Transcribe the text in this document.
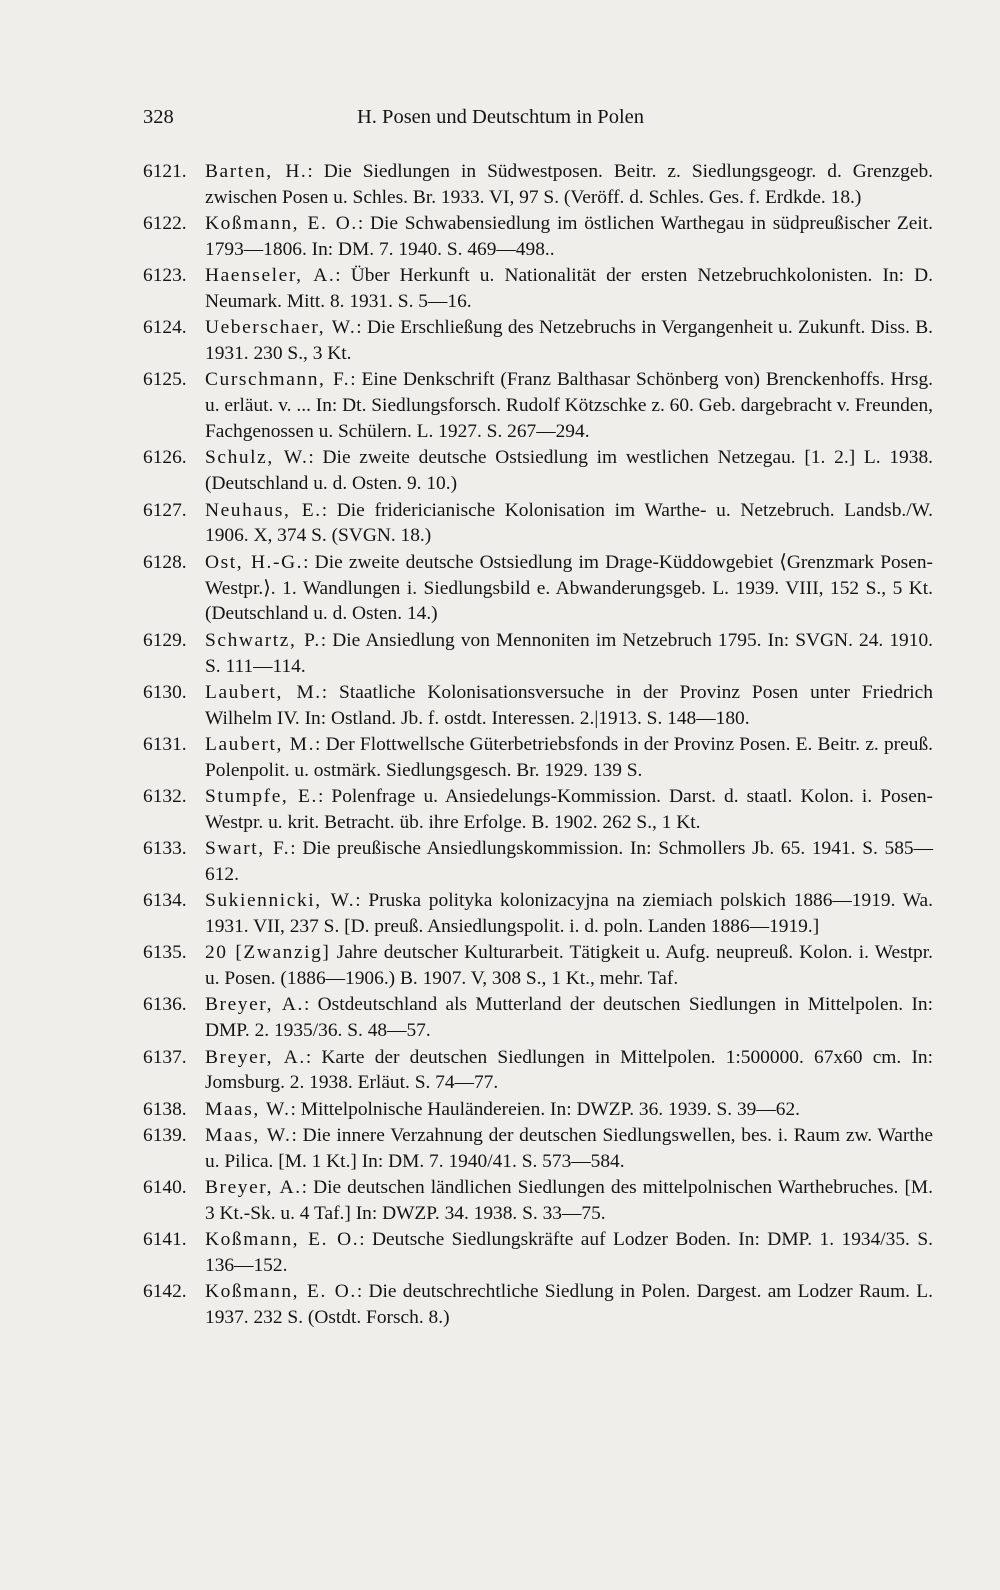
328	H. Posen und Deutschtum in Polen
6121. Barten, H.: Die Siedlungen in Südwestposen. Beitr. z. Siedlungsgeogr. d. Grenzgeb. zwischen Posen u. Schles. Br. 1933. VI, 97 S. (Veröff. d. Schles. Ges. f. Erdkde. 18.)
6122. Koßmann, E. O.: Die Schwabensiedlung im östlichen Warthegau in südpreußischer Zeit. 1793—1806. In: DM. 7. 1940. S. 469—498..
6123. Haenseler, A.: Über Herkunft u. Nationalität der ersten Netzebruchkolonisten. In: D. Neumark. Mitt. 8. 1931. S. 5—16.
6124. Ueberschaer, W.: Die Erschließung des Netzebruchs in Vergangenheit u. Zukunft. Diss. B. 1931. 230 S., 3 Kt.
6125. Curschmann, F.: Eine Denkschrift (Franz Balthasar Schönberg von) Brenckenhoffs. Hrsg. u. erläut. v. ... In: Dt. Siedlungsforsch. Rudolf Kötzschke z. 60. Geb. dargebracht v. Freunden, Fachgenossen u. Schülern. L. 1927. S. 267—294.
6126. Schulz, W.: Die zweite deutsche Ostsiedlung im westlichen Netzegau. [1. 2.] L. 1938. (Deutschland u. d. Osten. 9. 10.)
6127. Neuhaus, E.: Die fridericianische Kolonisation im Warthe- u. Netzebruch. Landsb./W. 1906. X, 374 S. (SVGN. 18.)
6128. Ost, H.-G.: Die zweite deutsche Ostsiedlung im Drage-Küddowgebiet ⟨Grenzmark Posen-Westpr.⟩. 1. Wandlungen i. Siedlungsbild e. Abwanderungsgeb. L. 1939. VIII, 152 S., 5 Kt. (Deutschland u. d. Osten. 14.)
6129. Schwartz, P.: Die Ansiedlung von Mennoniten im Netzebruch 1795. In: SVGN. 24. 1910. S. 111—114.
6130. Laubert, M.: Staatliche Kolonisationsversuche in der Provinz Posen unter Friedrich Wilhelm IV. In: Ostland. Jb. f. ostdt. Interessen. 2.|1913. S. 148—180.
6131. Laubert, M.: Der Flottwellsche Güterbetriebsfonds in der Provinz Posen. E. Beitr. z. preuß. Polenpolit. u. ostmärk. Siedlungsgesch. Br. 1929. 139 S.
6132. Stumpfe, E.: Polenfrage u. Ansiedelungs-Kommission. Darst. d. staatl. Kolon. i. Posen-Westpr. u. krit. Betracht. üb. ihre Erfolge. B. 1902. 262 S., 1 Kt.
6133. Swart, F.: Die preußische Ansiedlungskommission. In: Schmollers Jb. 65. 1941. S. 585—612.
6134. Sukiennicki, W.: Pruska polityka kolonizacyjna na ziemiach polskich 1886—1919. Wa. 1931. VII, 237 S. [D. preuß. Ansiedlungspolit. i. d. poln. Landen 1886—1919.]
6135. 20 [Zwanzig] Jahre deutscher Kulturarbeit. Tätigkeit u. Aufg. neupreuß. Kolon. i. Westpr. u. Posen. (1886—1906.) B. 1907. V, 308 S., 1 Kt., mehr. Taf.
6136. Breyer, A.: Ostdeutschland als Mutterland der deutschen Siedlungen in Mittelpolen. In: DMP. 2. 1935/36. S. 48—57.
6137. Breyer, A.: Karte der deutschen Siedlungen in Mittelpolen. 1:500000. 67x60 cm. In: Jomsburg. 2. 1938. Erläut. S. 74—77.
6138. Maas, W.: Mittelpolnische Hauländereien. In: DWZP. 36. 1939. S. 39—62.
6139. Maas, W.: Die innere Verzahnung der deutschen Siedlungswellen, bes. i. Raum zw. Warthe u. Pilica. [M. 1 Kt.] In: DM. 7. 1940/41. S. 573—584.
6140. Breyer, A.: Die deutschen ländlichen Siedlungen des mittelpolnischen Warthebruches. [M. 3 Kt.-Sk. u. 4 Taf.] In: DWZP. 34. 1938. S. 33—75.
6141. Koßmann, E. O.: Deutsche Siedlungskräfte auf Lodzer Boden. In: DMP. 1. 1934/35. S. 136—152.
6142. Koßmann, E. O.: Die deutschrechtliche Siedlung in Polen. Dargest. am Lodzer Raum. L. 1937. 232 S. (Ostdt. Forsch. 8.)
